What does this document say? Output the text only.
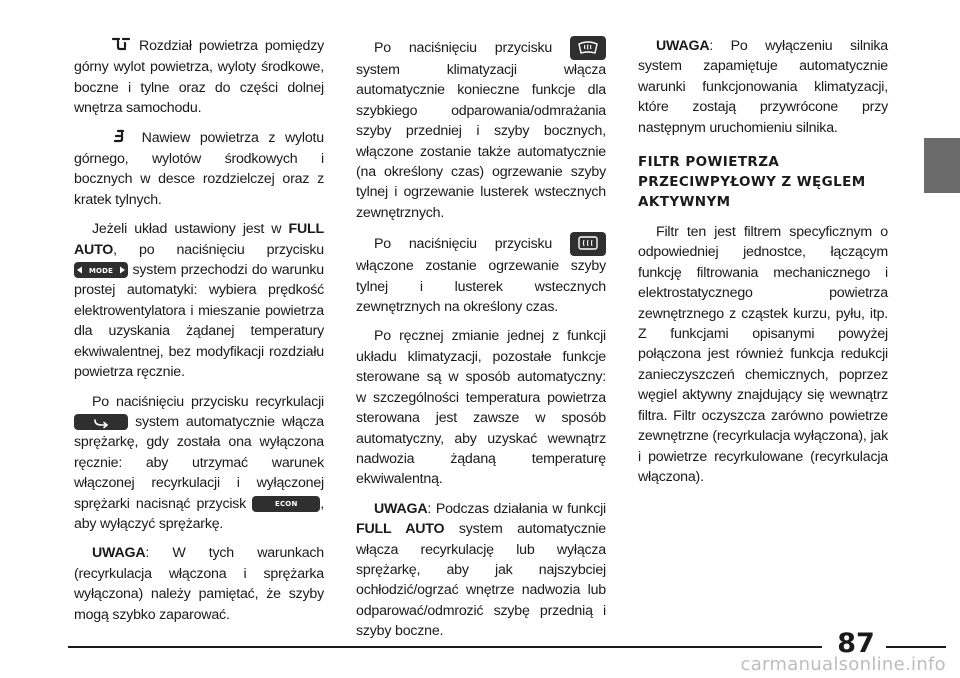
Rozdział powietrza pomiędzy górny wylot powietrza, wyloty środkowe, boczne i tylne oraz do części dolnej wnętrza samochodu.

Nawiew powietrza z wylotu górnego, wylotów środkowych i bocznych w desce rozdzielczej oraz z kratek tylnych.

Jeżeli układ ustawiony jest w FULL AUTO, po naciśnięciu przycisku
MODE system przechodzi do warunku prostej automatyki: wybiera prędkość elektrowentylatora i mieszanie powietrza dla uzyskania żądanej temperatury ekwiwalentnej, bez modyfikacji rozdziału powietrza ręcznie.

Po naciśnięciu przycisku recyrkulacji
system automatycznie włącza sprężarkę, gdy została ona wyłączona ręcznie: aby utrzymać warunek włączonej recyrkulacji i wyłączonej sprężarki nacisnąć przycisk	ECON , aby wyłączyć sprężarkę.

UWAGA: W tych warunkach (recyrkulacja włączona i sprężarka wyłączona) należy pamiętać, że szyby mogą szybko zaparować.

Po naciśnięciu przycisku
system klimatyzacji włącza automatycznie konieczne funkcje dla szybkiego odparowania/odmrażania szyby przedniej i szyby bocznych, włączone zostanie także automatycznie (na określony czas) ogrzewanie szyby tylnej i ogrzewanie lusterek wstecznych zewnętrznych.

Po naciśnięciu przycisku
włączone zostanie ogrzewanie szyby tylnej i lusterek wstecznych zewnętrznych na określony czas.

Po ręcznej zmianie jednej z funkcji układu klimatyzacji, pozostałe funkcje sterowane są w sposób automatyczny: w szczególności temperatura powietrza sterowana jest zawsze w sposób automatyczny, aby uzyskać wewnątrz nadwozia żądaną temperaturę ekwiwalentną.

UWAGA: Podczas działania w funkcji FULL AUTO system automatycznie włącza recyrkulację lub wyłącza sprężarkę, aby jak najszybciej ochłodzić/ogrzać wnętrze nadwozia lub odparować/odmrozić szybę przednią i szyby boczne.

UWAGA: Po wyłączeniu silnika system zapamiętuje automatycznie warunki funkcjonowania klimatyzacji, które zostają przywrócone przy następnym uruchomieniu silnika.

FILTR POWIETRZA PRZECIWPYŁOWY Z WĘGLEM AKTYWNYM

Filtr ten jest filtrem specyficznym o odpowiedniej jednostce, łączącym funkcję filtrowania mechanicznego i elektrostatycznego powietrza zewnętrznego z cząstek kurzu, pyłu, itp. Z funkcjami opisanymi powyżej połączona jest również funkcja redukcji zanieczyszczeń chemicznych, poprzez węgiel aktywny znajdujący się wewnątrz filtra. Filtr oczyszcza zarówno powietrze zewnętrzne (recyrkulacja wyłączona), jak i powietrze recyrkulowane (recyrkulacja włączona).

87
carmanualsonline.info
